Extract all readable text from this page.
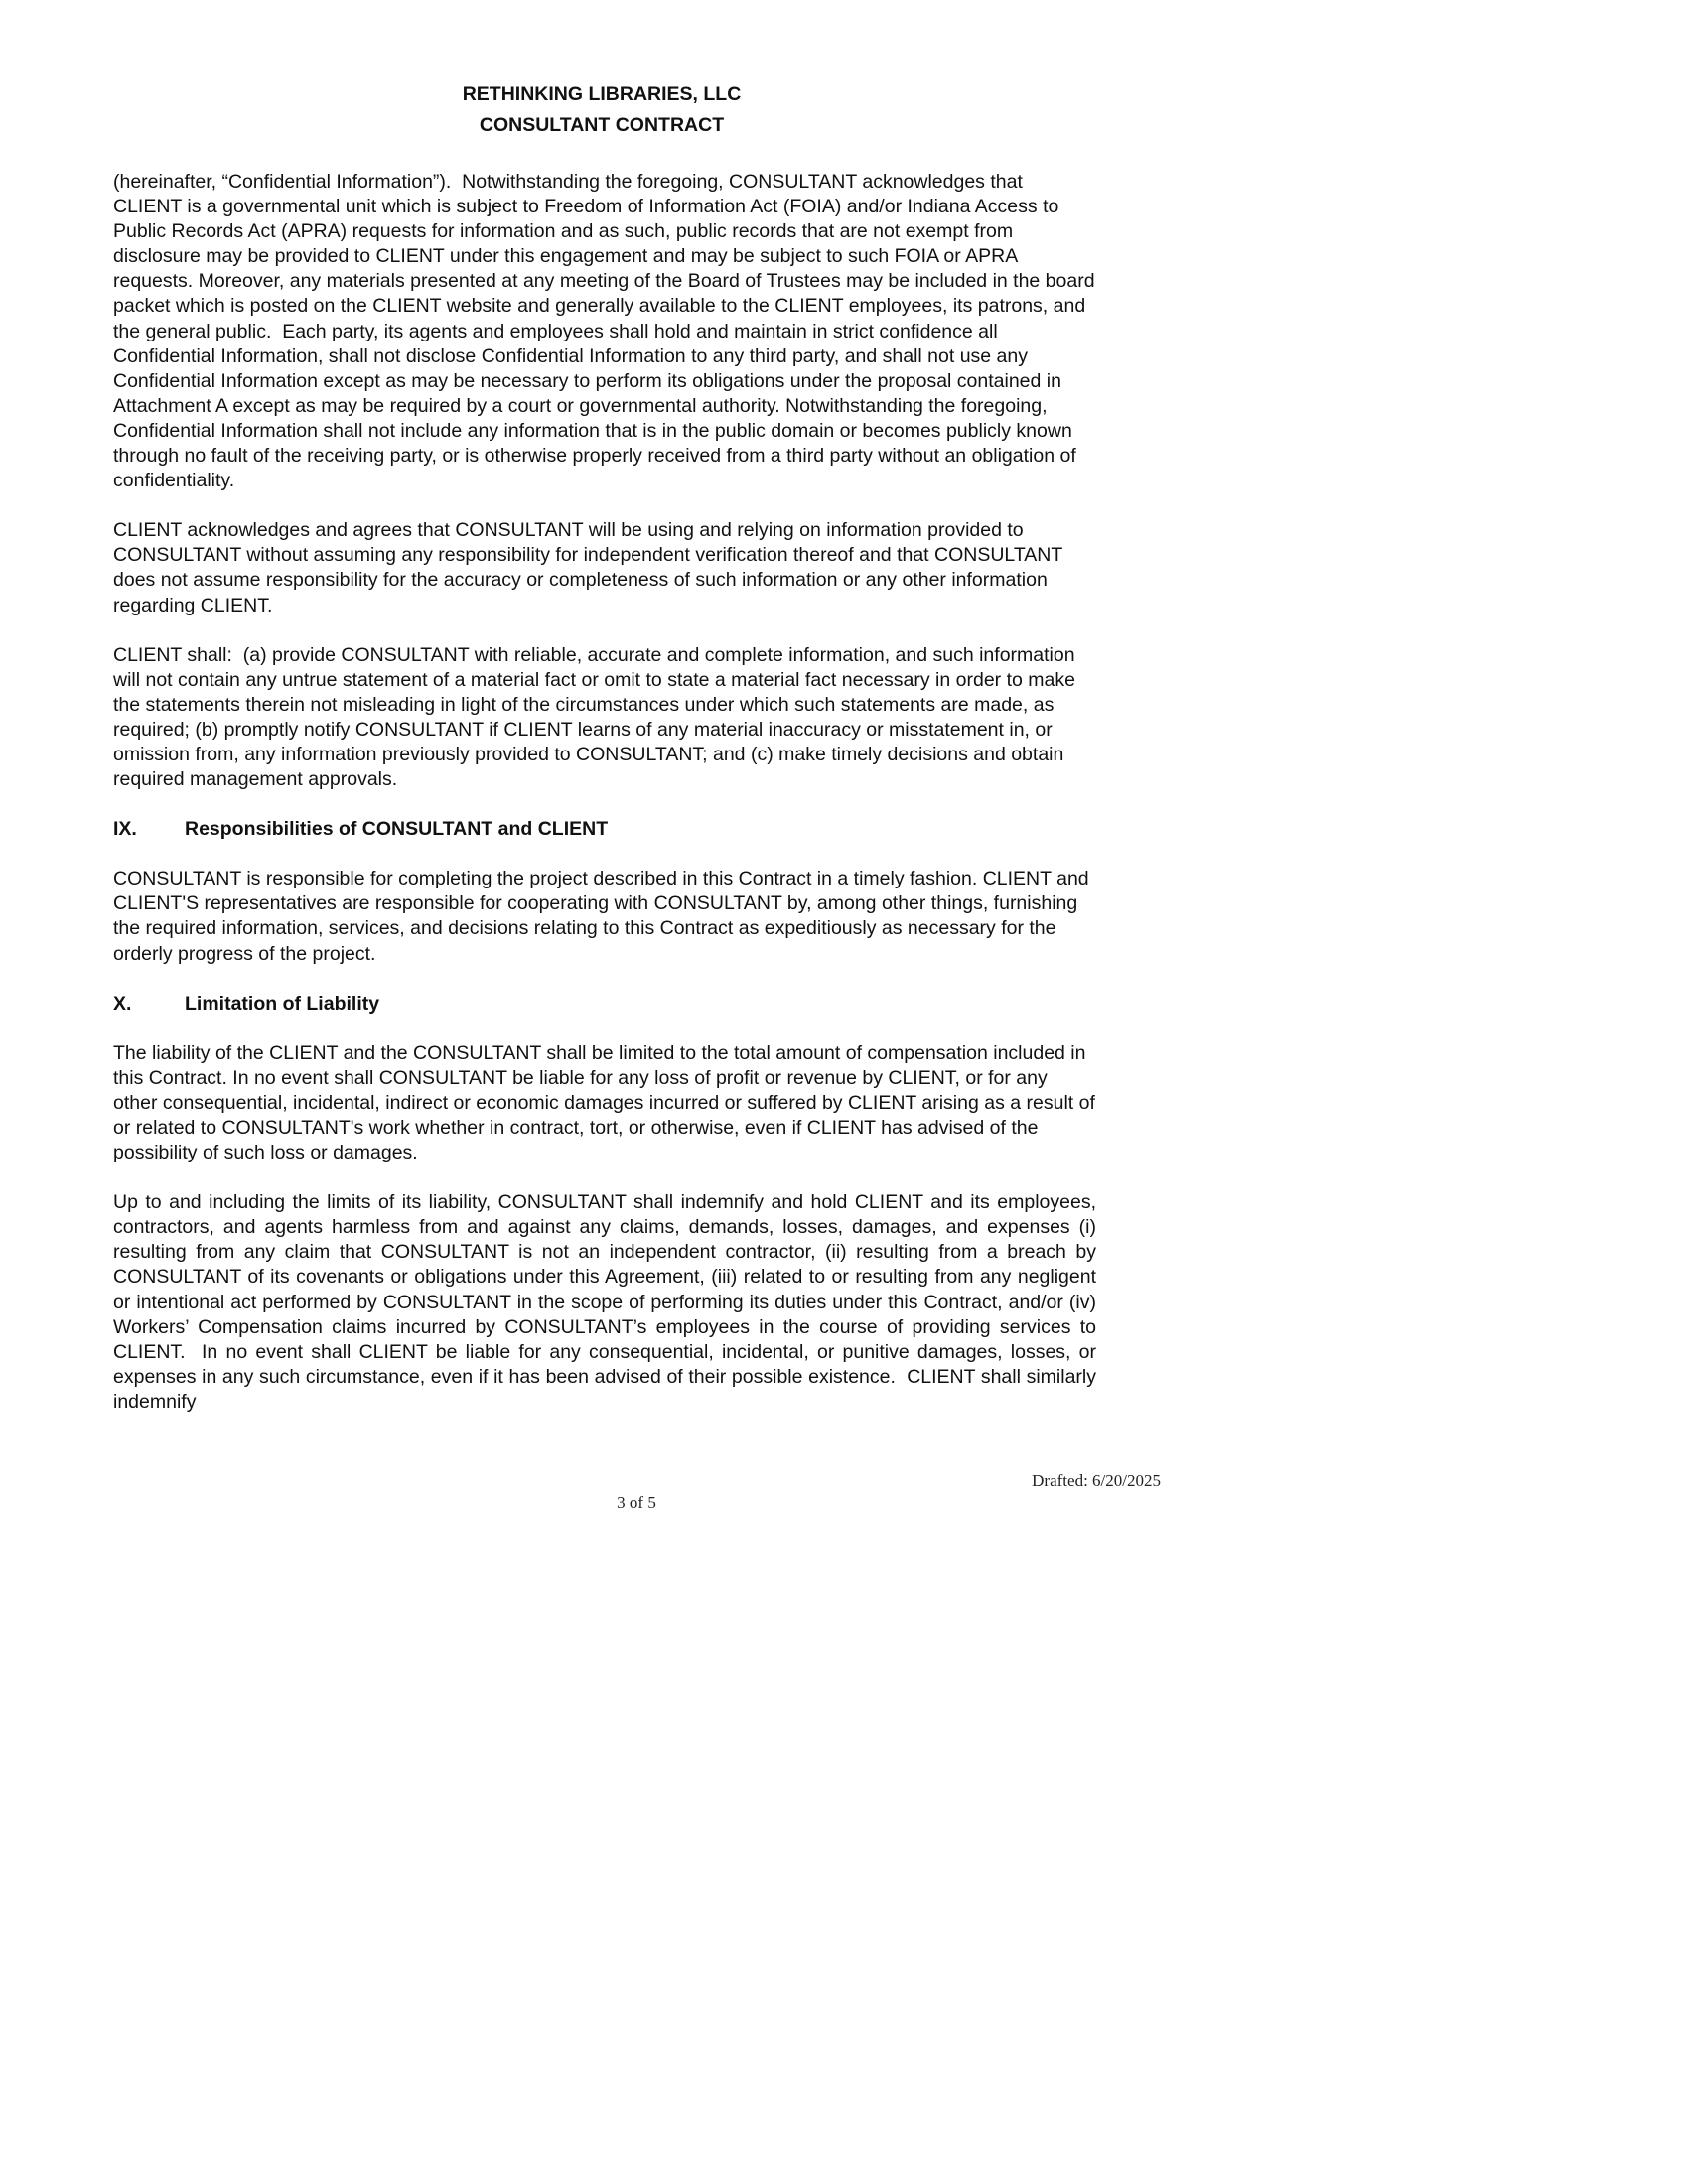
RETHINKING LIBRARIES, LLC
CONSULTANT CONTRACT

(hereinafter, “Confidential Information”).  Notwithstanding the foregoing, CONSULTANT acknowledges that CLIENT is a governmental unit which is subject to Freedom of Information Act (FOIA) and/or Indiana Access to Public Records Act (APRA) requests for information and as such, public records that are not exempt from disclosure may be provided to CLIENT under this engagement and may be subject to such FOIA or APRA requests. Moreover, any materials presented at any meeting of the Board of Trustees may be included in the board packet which is posted on the CLIENT website and generally available to the CLIENT employees, its patrons, and the general public.  Each party, its agents and employees shall hold and maintain in strict confidence all Confidential Information, shall not disclose Confidential Information to any third party, and shall not use any Confidential Information except as may be necessary to perform its obligations under the proposal contained in Attachment A except as may be required by a court or governmental authority. Notwithstanding the foregoing, Confidential Information shall not include any information that is in the public domain or becomes publicly known through no fault of the receiving party, or is otherwise properly received from a third party without an obligation of confidentiality.

CLIENT acknowledges and agrees that CONSULTANT will be using and relying on information provided to CONSULTANT without assuming any responsibility for independent verification thereof and that CONSULTANT does not assume responsibility for the accuracy or completeness of such information or any other information regarding CLIENT.

CLIENT shall:  (a) provide CONSULTANT with reliable, accurate and complete information, and such information will not contain any untrue statement of a material fact or omit to state a material fact necessary in order to make the statements therein not misleading in light of the circumstances under which such statements are made, as required; (b) promptly notify CONSULTANT if CLIENT learns of any material inaccuracy or misstatement in, or omission from, any information previously provided to CONSULTANT; and (c) make timely decisions and obtain required management approvals.

IX.	Responsibilities of CONSULTANT and CLIENT

CONSULTANT is responsible for completing the project described in this Contract in a timely fashion. CLIENT and CLIENT'S representatives are responsible for cooperating with CONSULTANT by, among other things, furnishing the required information, services, and decisions relating to this Contract as expeditiously as necessary for the orderly progress of the project.

X.	Limitation of Liability

The liability of the CLIENT and the CONSULTANT shall be limited to the total amount of compensation included in this Contract. In no event shall CONSULTANT be liable for any loss of profit or revenue by CLIENT, or for any other consequential, incidental, indirect or economic damages incurred or suffered by CLIENT arising as a result of or related to CONSULTANT's work whether in contract, tort, or otherwise, even if CLIENT has advised of the possibility of such loss or damages.

Up to and including the limits of its liability, CONSULTANT shall indemnify and hold CLIENT and its employees, contractors, and agents harmless from and against any claims, demands, losses, damages, and expenses (i) resulting from any claim that CONSULTANT is not an independent contractor, (ii) resulting from a breach by CONSULTANT of its covenants or obligations under this Agreement, (iii) related to or resulting from any negligent or intentional act performed by CONSULTANT in the scope of performing its duties under this Contract, and/or (iv) Workers’ Compensation claims incurred by CONSULTANT’s employees in the course of providing services to CLIENT.  In no event shall CLIENT be liable for any consequential, incidental, or punitive damages, losses, or expenses in any such circumstance, even if it has been advised of their possible existence.  CLIENT shall similarly indemnify

Drafted: 6/20/2025
3 of 5
